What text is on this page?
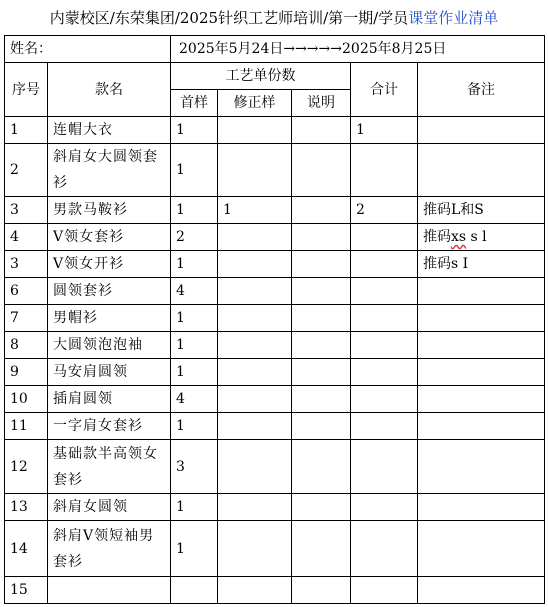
内蒙校区/东荣集团/2025针织工艺师培训/第一期/学员课堂作业清单
姓名：		2025年5月24日→→→→→2025年8月25日				
序号	款名	工艺单份数			合计	备注
		首样	修正样	说明		
1	连帽大衣	1			1	
2	斜肩女大圆领套衫	1				
3	男款马鞍衫	1	1		2	推码L和S
4	V领女套衫	2				推码xs s l
3	V领女开衫	1				推码s I
6	圆领套衫	4				
7	男帽衫	1				
8	大圆领泡泡袖	1				
9	马安肩圆领	1				
10	插肩圆领	4				
11	一字肩女套衫	1				
12	基础款半高领女套衫	3				
13	斜肩女圆领	1				
14	斜肩V领短袖男套衫	1				
15						
